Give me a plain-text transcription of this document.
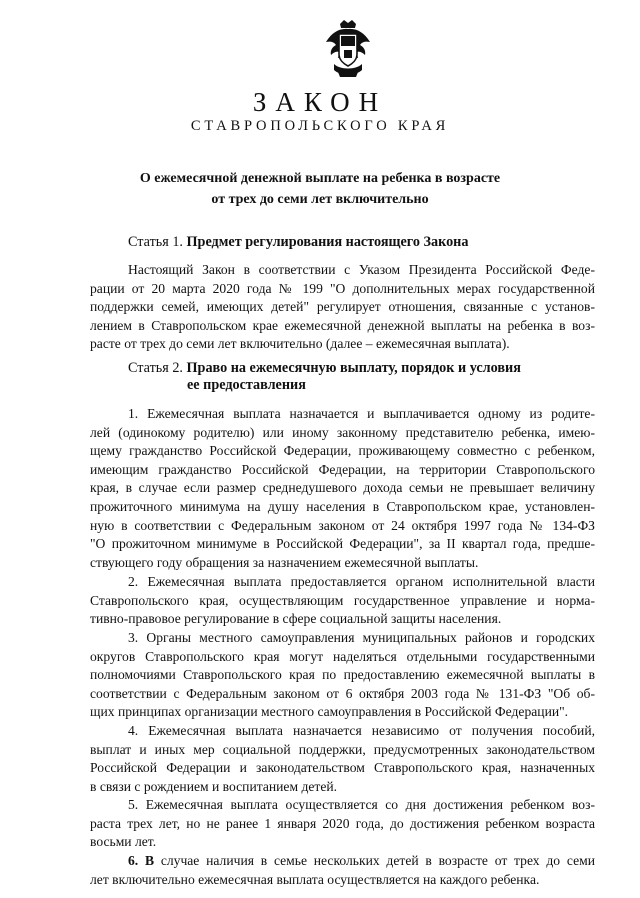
ЗАКОН
СТАВРОПОЛЬСКОГО КРАЯ
О ежемесячной денежной выплате на ребенка в возрасте
от трех до семи лет включительно
Статья 1. Предмет регулирования настоящего Закона
Настоящий Закон в соответствии с Указом Президента Российской Феде-
рации от 20 марта 2020 года № 199 "О дополнительных мерах государственной
поддержки семей, имеющих детей" регулирует отношения, связанные с установ-
лением в Ставропольском крае ежемесячной денежной выплаты на ребенка в воз-
расте от трех до семи лет включительно (далее – ежемесячная выплата).
Статья 2. Право на ежемесячную выплату, порядок и условия
ее предоставления
1. Ежемесячная выплата назначается и выплачивается одному из родите-
лей (одинокому родителю) или иному законному представителю ребенка, имею-
щему гражданство Российской Федерации, проживающему совместно с ребенком,
имеющим гражданство Российской Федерации, на территории Ставропольского
края, в случае если размер среднедушевого дохода семьи не превышает величину
прожиточного минимума на душу населения в Ставропольском крае, установлен-
ную в соответствии с Федеральным законом от 24 октября 1997 года № 134-ФЗ
"О прожиточном минимуме в Российской Федерации", за II квартал года, предше-
ствующего году обращения за назначением ежемесячной выплаты.
2. Ежемесячная выплата предоставляется органом исполнительной власти
Ставропольского края, осуществляющим государственное управление и норма-
тивно-правовое регулирование в сфере социальной защиты населения.
3. Органы местного самоуправления муниципальных районов и городских
округов Ставропольского края могут наделяться отдельными государственными
полномочиями Ставропольского края по предоставлению ежемесячной выплаты в
соответствии с Федеральным законом от 6 октября 2003 года № 131-ФЗ "Об об-
щих принципах организации местного самоуправления в Российской Федерации".
4. Ежемесячная выплата назначается независимо от получения пособий,
выплат и иных мер социальной поддержки, предусмотренных законодательством
Российской Федерации и законодательством Ставропольского края, назначенных
в связи с рождением и воспитанием детей.
5. Ежемесячная выплата осуществляется со дня достижения ребенком воз-
раста трех лет, но не ранее 1 января 2020 года, до достижения ребенком возраста
восьми лет.
6. В случае наличия в семье нескольких детей в возрасте от трех до семи
лет включительно ежемесячная выплата осуществляется на каждого ребенка.
